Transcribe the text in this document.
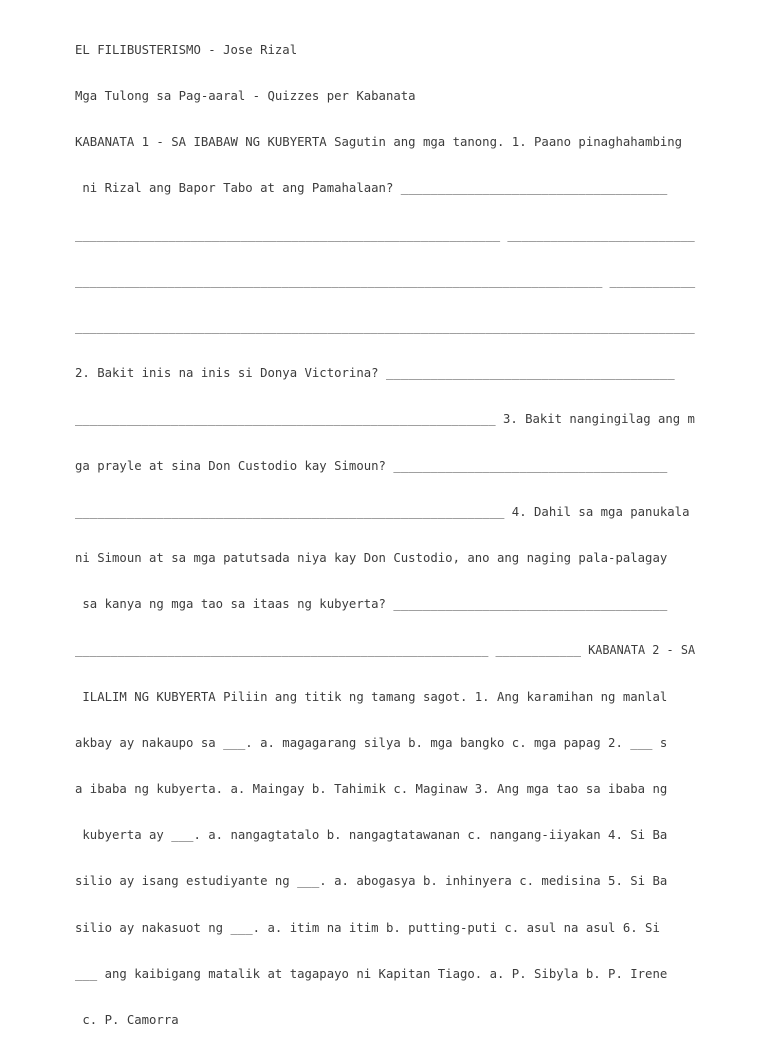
EL FILIBUSTERISMO - Jose Rizal

Mga Tulong sa Pag-aaral - Quizzes per Kabanata

KABANATA 1 - SA IBABAW NG KUBYERTA Sagutin ang mga tanong. 1. Paano pinaghahambing

ni Rizal ang Bapor Tabo at ang Pamahalaan? ____________________________________

___________________________________________________________ __________________________

__________________________________________________________________________ ____________

______________________________________________________________________________________

2. Bakit inis na inis si Donya Victorina? _______________________________________

_________________________________________________________ 3. Bakit nangingilag ang m

ga prayle at sina Don Custodio kay Simoun? _____________________________________

__________________________________________________________ 4. Dahil sa mga panukala

ni Simoun at sa mga patutsada niya kay Don Custodio, ano ang naging pala-palagay

sa kanya ng mga tao sa itaas ng kubyerta? _____________________________________

__________________________________________________________ ____________ KABANATA 2 - SA

ILALIM NG KUBYERTA Piliin ang titik ng tamang sagot. 1. Ang karamihan ng manlal

akbay ay nakaupo sa ___. a. magagarang silya b. mga bangko c. mga papag 2. ___ s

a ibaba ng kubyerta. a. Maingay b. Tahimik c. Maginaw 3. Ang mga tao sa ibaba ng

kubyerta ay ___. a. nangagtatalo b. nangagtatawanan c. nangang-iiyakan 4. Si Ba

silio ay isang estudiyante ng ___. a. abogasya b. inhinyera c. medisina 5. Si Ba

silio ay nakasuot ng ___. a. itim na itim b. putting-puti c. asul na asul 6. Si

___ ang kaibigang matalik at tagapayo ni Kapitan Tiago. a. P. Sibyla b. P. Irene

c. P. Camorra
